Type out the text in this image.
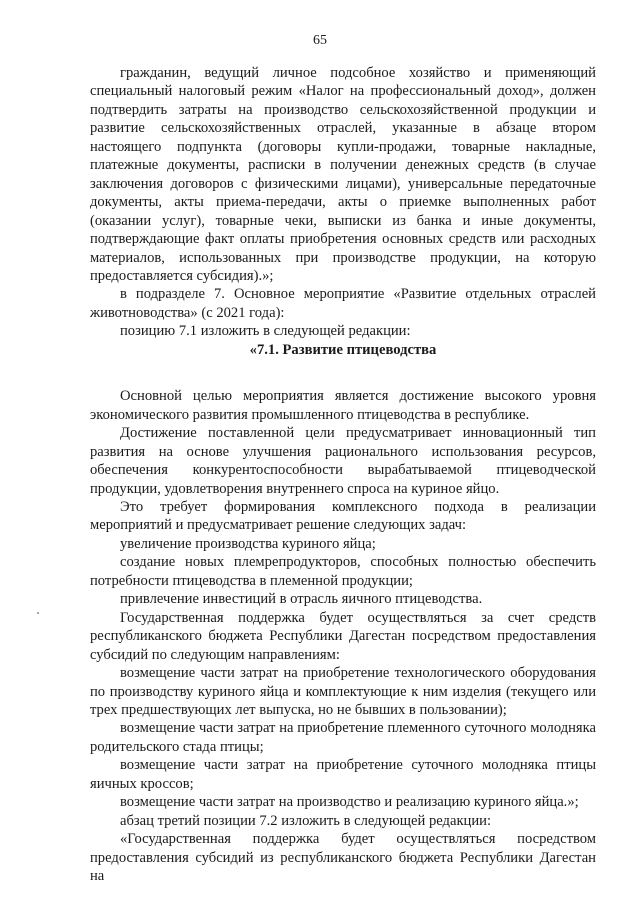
65

гражданин, ведущий личное подсобное хозяйство и применяющий специальный налоговый режим «Налог на профессиональный доход», должен подтвердить затраты на производство сельскохозяйственной продукции и развитие сельскохозяйственных отраслей, указанные в абзаце втором настоящего подпункта (договоры купли-продажи, товарные накладные, платежные документы, расписки в получении денежных средств (в случае заключения договоров с физическими лицами), универсальные передаточные документы, акты приема-передачи, акты о приемке выполненных работ (оказании услуг), товарные чеки, выписки из банка и иные документы, подтверждающие факт оплаты приобретения основных средств или расходных материалов, использованных при производстве продукции, на которую предоставляется субсидия).»;

в подразделе 7. Основное мероприятие «Развитие отдельных отраслей животноводства» (с 2021 года):

позицию 7.1 изложить в следующей редакции:

«7.1. Развитие птицеводства

Основной целью мероприятия является достижение высокого уровня экономического развития промышленного птицеводства в республике.

Достижение поставленной цели предусматривает инновационный тип развития на основе улучшения рационального использования ресурсов, обеспечения конкурентоспособности вырабатываемой птицеводческой продукции, удовлетворения внутреннего спроса на куриное яйцо.

Это требует формирования комплексного подхода в реализации мероприятий и предусматривает решение следующих задач:

увеличение производства куриного яйца;

создание новых племрепродукторов, способных полностью обеспечить потребности птицеводства в племенной продукции;

привлечение инвестиций в отрасль яичного птицеводства.

Государственная поддержка будет осуществляться за счет средств республиканского бюджета Республики Дагестан посредством предоставления субсидий по следующим направлениям:

возмещение части затрат на приобретение технологического оборудования по производству куриного яйца и комплектующие к ним изделия (текущего или трех предшествующих лет выпуска, но не бывших в пользовании);

возмещение части затрат на приобретение племенного суточного молодняка родительского стада птицы;

возмещение части затрат на приобретение суточного молодняка птицы яичных кроссов;

возмещение части затрат на производство и реализацию куриного яйца.»;

абзац третий позиции 7.2 изложить в следующей редакции:

«Государственная поддержка будет осуществляться посредством предоставления субсидий из республиканского бюджета Республики Дагестан на
